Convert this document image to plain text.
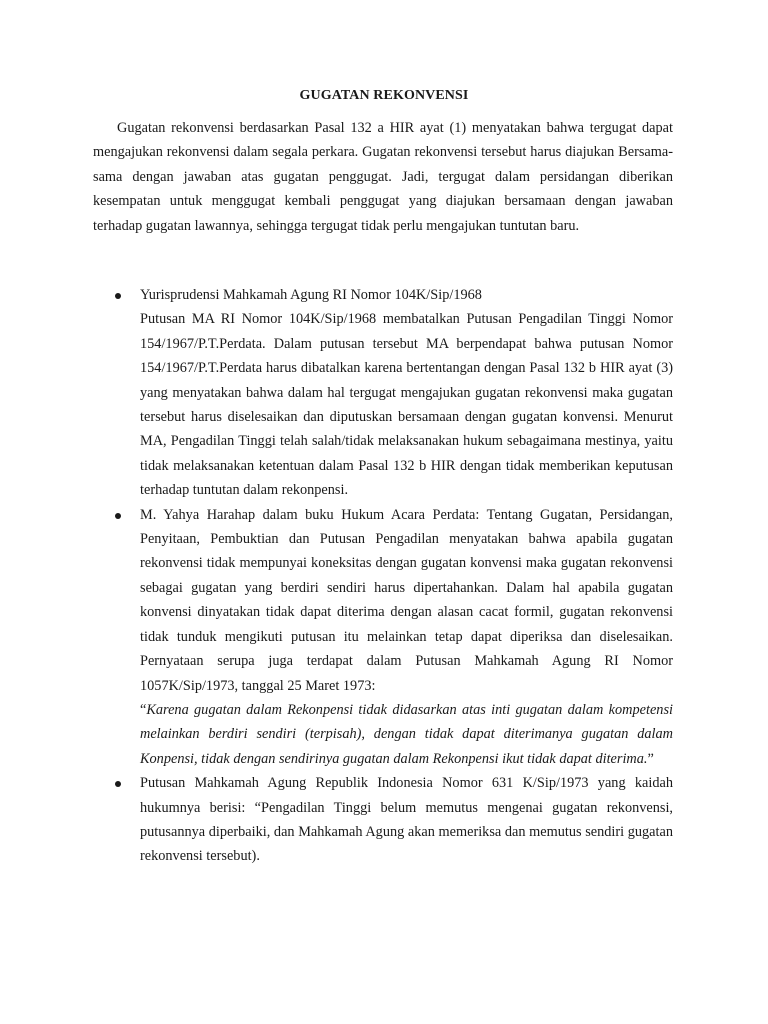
GUGATAN REKONVENSI

Gugatan rekonvensi berdasarkan Pasal 132 a HIR ayat (1) menyatakan bahwa tergugat dapat mengajukan rekonvensi dalam segala perkara. Gugatan rekonvensi tersebut harus diajukan Bersama-sama dengan jawaban atas gugatan penggugat. Jadi, tergugat dalam persidangan diberikan kesempatan untuk menggugat kembali penggugat yang diajukan bersamaan dengan jawaban terhadap gugatan lawannya, sehingga tergugat tidak perlu mengajukan tuntutan baru.

Yurisprudensi Mahkamah Agung RI Nomor 104K/Sip/1968
Putusan MA RI Nomor 104K/Sip/1968 membatalkan Putusan Pengadilan Tinggi Nomor 154/1967/P.T.Perdata. Dalam putusan tersebut MA berpendapat bahwa putusan Nomor 154/1967/P.T.Perdata harus dibatalkan karena bertentangan dengan Pasal 132 b HIR ayat (3) yang menyatakan bahwa dalam hal tergugat mengajukan gugatan rekonvensi maka gugatan tersebut harus diselesaikan dan diputuskan bersamaan dengan gugatan konvensi. Menurut MA, Pengadilan Tinggi telah salah/tidak melaksanakan hukum sebagaimana mestinya, yaitu tidak melaksanakan ketentuan dalam Pasal 132 b HIR dengan tidak memberikan keputusan terhadap tuntutan dalam rekonpensi.
M. Yahya Harahap dalam buku Hukum Acara Perdata: Tentang Gugatan, Persidangan, Penyitaan, Pembuktian dan Putusan Pengadilan menyatakan bahwa apabila gugatan rekonvensi tidak mempunyai koneksitas dengan gugatan konvensi maka gugatan rekonvensi sebagai gugatan yang berdiri sendiri harus dipertahankan. Dalam hal apabila gugatan konvensi dinyatakan tidak dapat diterima dengan alasan cacat formil, gugatan rekonvensi tidak tunduk mengikuti putusan itu melainkan tetap dapat diperiksa dan diselesaikan. Pernyataan serupa juga terdapat dalam Putusan Mahkamah Agung RI Nomor 1057K/Sip/1973, tanggal 25 Maret 1973:
“Karena gugatan dalam Rekonpensi tidak didasarkan atas inti gugatan dalam kompetensi melainkan berdiri sendiri (terpisah), dengan tidak dapat diterimanya gugatan dalam Konpensi, tidak dengan sendirinya gugatan dalam Rekonpensi ikut tidak dapat diterima.”
Putusan Mahkamah Agung Republik Indonesia Nomor 631 K/Sip/1973 yang kaidah hukumnya berisi: “Pengadilan Tinggi belum memutus mengenai gugatan rekonvensi, putusannya diperbaiki, dan Mahkamah Agung akan memeriksa dan memutus sendiri gugatan rekonvensi tersebut).
